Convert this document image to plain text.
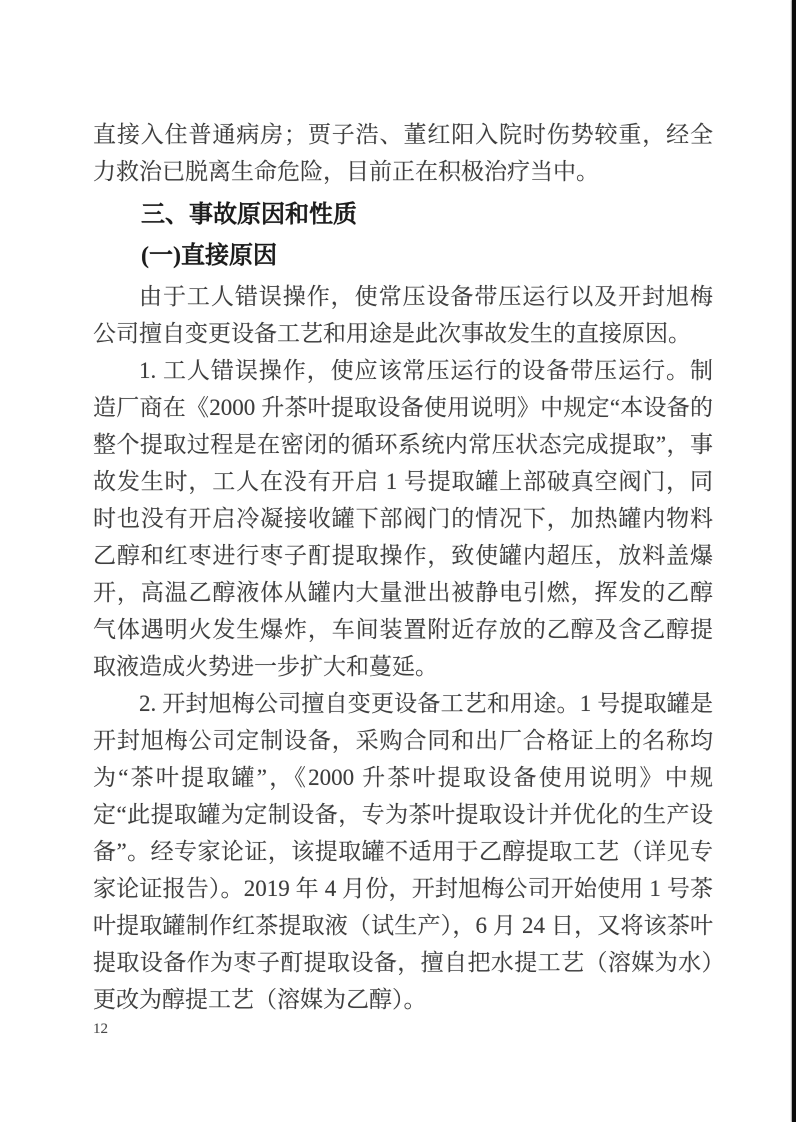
直接入住普通病房；贾子浩、董红阳入院时伤势较重，经全力救治已脱离生命危险，目前正在积极治疗当中。

三、事故原因和性质
(一)直接原因

由于工人错误操作，使常压设备带压运行以及开封旭梅公司擅自变更设备工艺和用途是此次事故发生的直接原因。

1. 工人错误操作，使应该常压运行的设备带压运行。制造厂商在《2000 升茶叶提取设备使用说明》中规定“本设备的整个提取过程是在密闭的循环系统内常压状态完成提取”，事故发生时，工人在没有开启 1 号提取罐上部破真空阀门，同时也没有开启冷凝接收罐下部阀门的情况下，加热罐内物料乙醇和红枣进行枣子酊提取操作，致使罐内超压，放料盖爆开，高温乙醇液体从罐内大量泄出被静电引燃，挥发的乙醇气体遇明火发生爆炸，车间装置附近存放的乙醇及含乙醇提取液造成火势进一步扩大和蔓延。

2. 开封旭梅公司擅自变更设备工艺和用途。1 号提取罐是开封旭梅公司定制设备，采购合同和出厂合格证上的名称均为“茶叶提取罐”，《2000 升茶叶提取设备使用说明》中规定“此提取罐为定制设备，专为茶叶提取设计并优化的生产设备”。经专家论证，该提取罐不适用于乙醇提取工艺（详见专家论证报告）。2019 年 4 月份，开封旭梅公司开始使用 1 号茶叶提取罐制作红茶提取液（试生产），6 月 24 日，又将该茶叶提取设备作为枣子酊提取设备，擅自把水提工艺（溶媒为水）更改为醇提工艺（溶媒为乙醇）。

12
